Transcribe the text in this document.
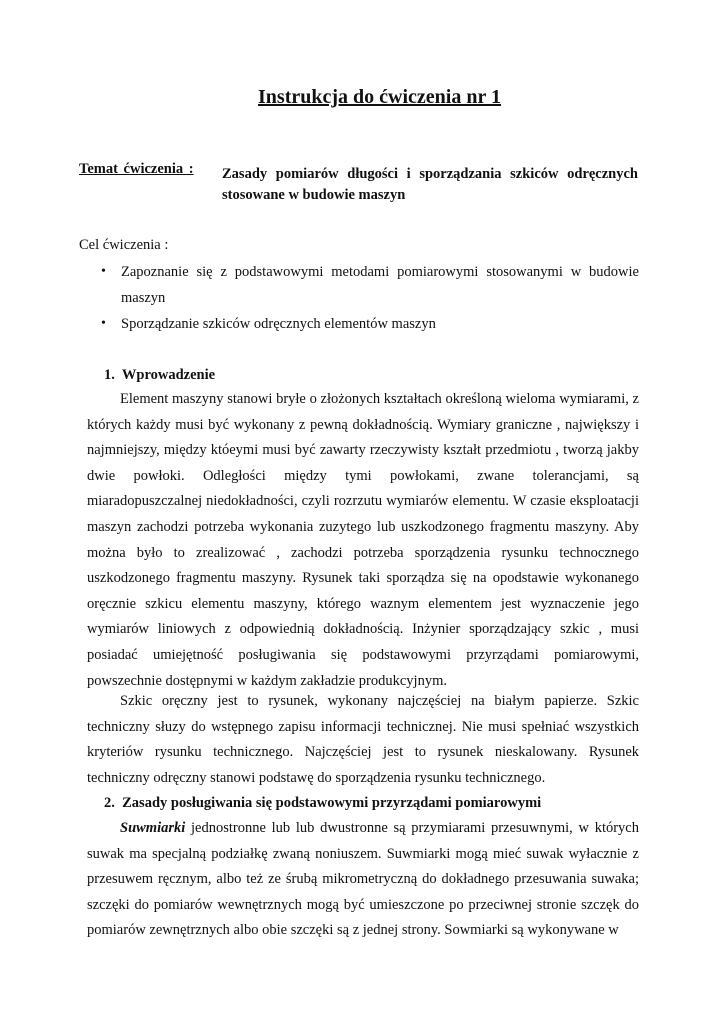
Instrukcja do ćwiczenia nr 1
Temat ćwiczenia : Zasady pomiarów długości i sporządzania szkiców odręcznych
stosowane w budowie maszyn
Cel ćwiczenia :
• Zapoznanie się z podstawowymi metodami pomiarowymi stosowanymi w budowie maszyn
• Sporządzanie szkiców odręcznych elementów maszyn
1. Wprowadzenie

Element maszyny stanowi bryłe o złożonych kształtach określoną wieloma wymiarami, z których każdy musi być wykonany z pewną dokładnością. Wymiary graniczne , największy i najmniejszy, między któeymi musi być zawarty rzeczywisty kształt przedmiotu , tworzą jakby dwie powłoki. Odległości między tymi powłokami, zwane tolerancjami, są miaradopuszczalnej niedokładności, czyli rozrzutu wymiarów elementu. W czasie eksploatacji maszyn zachodzi potrzeba wykonania zuzytego lub uszkodzonego fragmentu maszyny. Aby można było to zrealizować , zachodzi potrzeba sporządzenia rysunku technocznego uszkodzonego fragmentu maszyny. Rysunek taki sporządza się na opodstawie wykonanego oręcznie szkicu elementu maszyny, którego waznym elementem jest wyznaczenie jego wymiarów liniowych z odpowiednią dokładnością. Inżynier sporządzający szkic , musi posiadać umiejętność posługiwania się podstawowymi przyrządami pomiarowymi, powszechnie dostępnymi w każdym zakładzie produkcyjnym.

Szkic oręczny jest to rysunek, wykonany najczęściej na białym papierze. Szkic techniczny słuzy do wstępnego zapisu informacji technicznej. Nie musi spełniać wszystkich kryteriów rysunku technicznego. Najczęściej jest to rysunek nieskalowany. Rysunek techniczny odręczny stanowi podstawę do sporządzenia rysunku technicznego.

2. Zasady posługiwania się podstawowymi przyrządami pomiarowymi

Suwmiarki jednostronne lub lub dwustronne są przymiarami przesuwnymi, w których suwak ma specjalną podziałkę zwaną noniuszem. Suwmiarki mogą mieć suwak wyłacznie z przesuwem ręcznym, albo też ze śrubą mikrometryczną do dokładnego przesuwania suwaka; szczęki do pomiarów wewnętrznych mogą być umieszczone po przeciwnej stronie szczęk do pomiarów zewnętrznych albo obie szczęki są z jednej strony. Sowmiarki są wykonywane w
